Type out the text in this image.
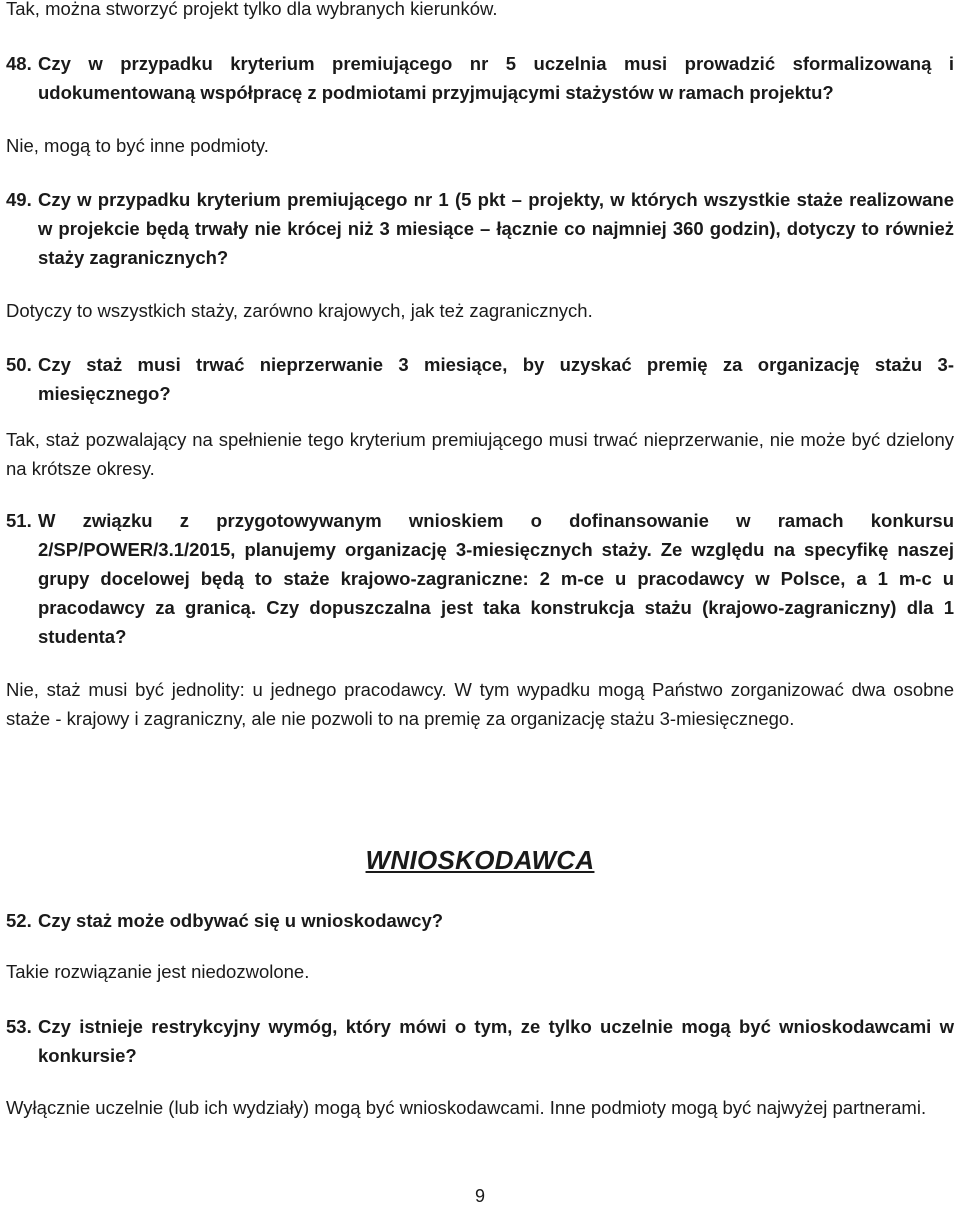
Tak, można stworzyć projekt tylko dla wybranych kierunków.

48. Czy w przypadku kryterium premiującego nr 5 uczelnia musi prowadzić sformalizowaną i udokumentowaną współpracę z podmiotami przyjmującymi stażystów w ramach projektu?

Nie, mogą to być inne podmioty.

49. Czy w przypadku kryterium premiującego nr 1 (5 pkt – projekty, w których wszystkie staże realizowane w projekcie będą trwały nie krócej niż 3 miesiące – łącznie co najmniej 360 godzin), dotyczy to również staży zagranicznych?

Dotyczy to wszystkich staży, zarówno krajowych, jak też zagranicznych.

50. Czy staż musi trwać nieprzerwanie 3 miesiące, by uzyskać premię za organizację stażu 3-miesięcznego?

Tak, staż pozwalający na spełnienie tego kryterium premiującego musi trwać nieprzerwanie, nie może być dzielony na krótsze okresy.

51. W związku z przygotowywanym wnioskiem o dofinansowanie w ramach konkursu 2/SP/POWER/3.1/2015, planujemy organizację 3-miesięcznych staży. Ze względu na specyfikę naszej grupy docelowej będą to staże krajowo-zagraniczne: 2 m-ce u pracodawcy w Polsce, a 1 m-c u pracodawcy za granicą. Czy dopuszczalna jest taka konstrukcja stażu (krajowo-zagraniczny) dla 1 studenta?

Nie, staż musi być jednolity: u jednego pracodawcy. W tym wypadku mogą Państwo zorganizować dwa osobne staże - krajowy i zagraniczny, ale nie pozwoli to na premię za organizację stażu 3-miesięcznego.

WNIOSKODAWCA
52. Czy staż może odbywać się u wnioskodawcy?

Takie rozwiązanie jest niedozwolone.

53. Czy istnieje restrykcyjny wymóg, który mówi o tym, ze tylko uczelnie mogą być wnioskodawcami w konkursie?

Wyłącznie uczelnie (lub ich wydziały) mogą być wnioskodawcami. Inne podmioty mogą być najwyżej partnerami.

9
